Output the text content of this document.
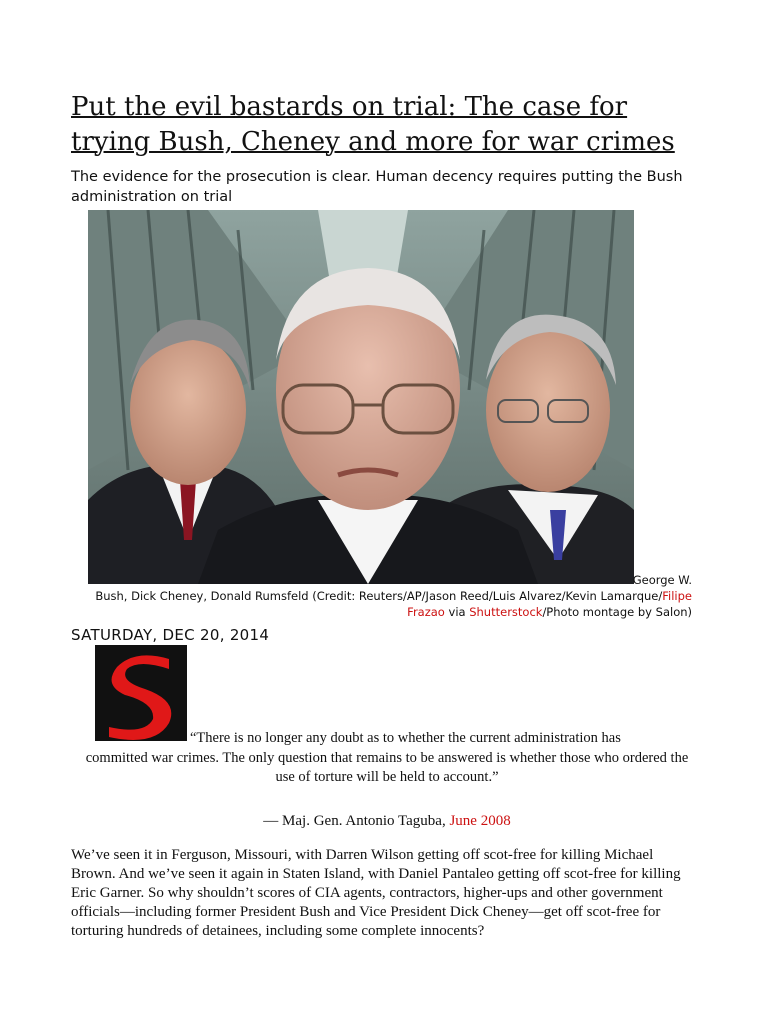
Put the evil bastards on trial: The case for trying Bush, Cheney and more for war crimes

The evidence for the prosecution is clear. Human decency requires putting the Bush administration on trial

George W.
Bush, Dick Cheney, Donald Rumsfeld (Credit: Reuters/AP/Jason Reed/Luis Alvarez/Kevin Lamarque/Filipe
Frazao via Shutterstock/Photo montage by Salon)
SATURDAY, DEC 20, 2014
“There is no longer any doubt as to whether the current administration has
committed war crimes. The only question that remains to be answered is whether those who ordered the use of torture will be held to account.”
— Maj. Gen. Antonio Taguba, June 2008

We’ve seen it in Ferguson, Missouri, with Darren Wilson getting off scot-free for killing Michael Brown. And we’ve seen it again in Staten Island, with Daniel Pantaleo getting off scot-free for killing Eric Garner. So why shouldn’t scores of CIA agents, contractors, higher-ups and other government officials—including former President Bush and Vice President Dick Cheney—get off scot-free for torturing hundreds of detainees, including some complete innocents?
